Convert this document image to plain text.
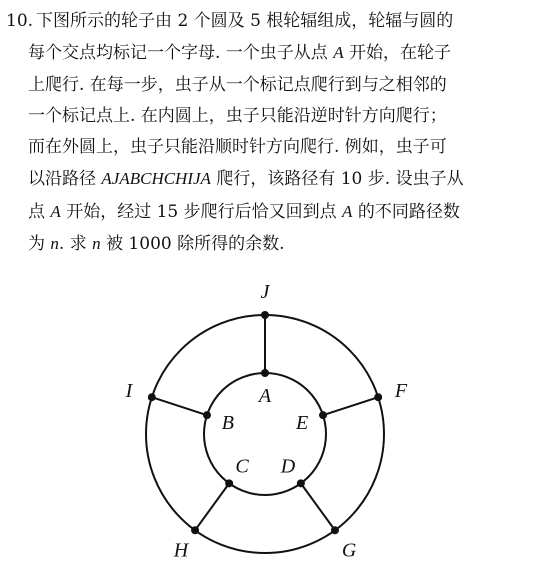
10. 下图所示的轮子由 2 个圆及 5 根轮辐组成，轮辐与圆的
每个交点均标记一个字母. 一个虫子从点 A 开始，在轮子
上爬行. 在每一步，虫子从一个标记点爬行到与之相邻的
一个标记点上. 在内圆上，虫子只能沿逆时针方向爬行；
而在外圆上，虫子只能沿顺时针方向爬行. 例如，虫子可
以沿路径 AJABCHCHIJA 爬行，该路径有 10 步. 设虫子从
点 A 开始，经过 15 步爬行后恰又回到点 A 的不同路径数
为 n. 求 n 被 1000 除所得的余数.
A
B
C D
E
J
I
H	G
F
